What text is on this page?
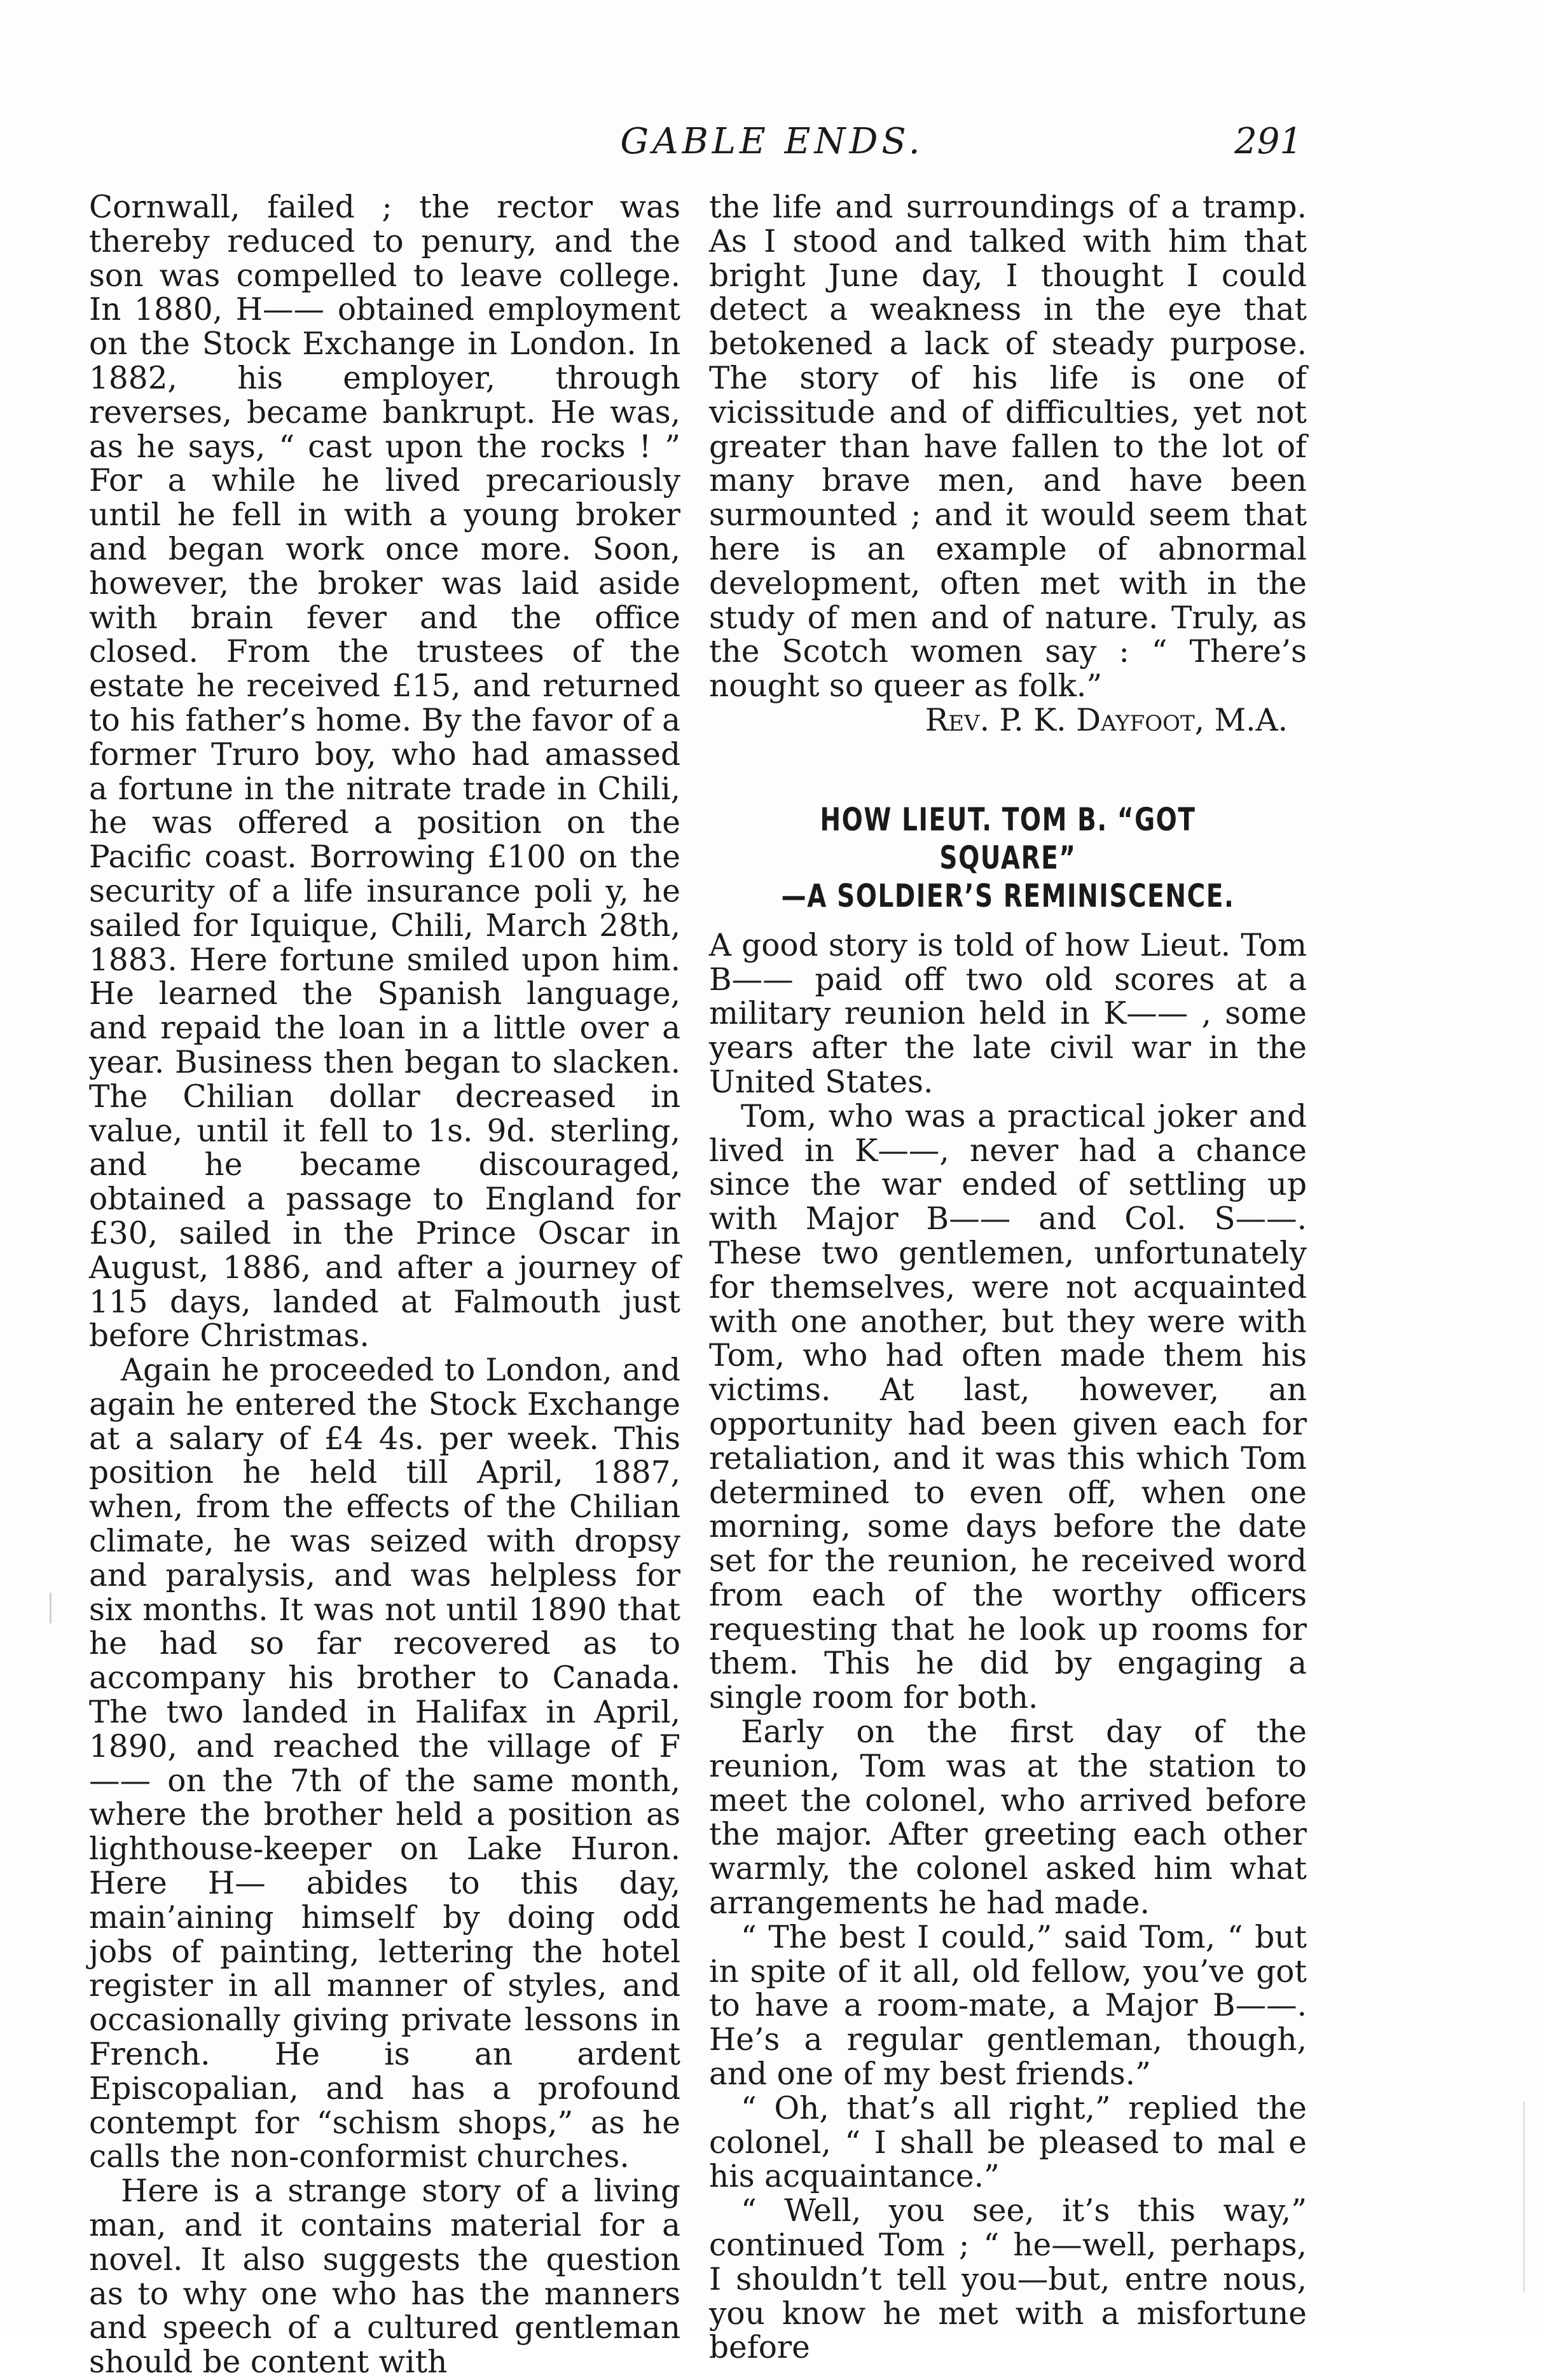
GABLE ENDS.	291

Cornwall, failed ; the rector was thereby reduced to penury, and the son was compelled to leave college. In 1880, H—— obtained employment on the Stock Exchange in London. In 1882, his employer, through reverses, became bankrupt. He was, as he says, “ cast upon the rocks ! ” For a while he lived precariously until he fell in with a young broker and began work once more. Soon, however, the broker was laid aside with brain fever and the office closed. From the trustees of the estate he received £15, and returned to his father’s home. By the favor of a former Truro boy, who had amassed a fortune in the nitrate trade in Chili, he was offered a position on the Pacific coast. Borrowing £100 on the security of a life insurance poli y, he sailed for Iquique, Chili, March 28th, 1883. Here fortune smiled upon him. He learned the Spanish language, and repaid the loan in a little over a year. Business then began to slacken. The Chilian dollar decreased in value, until it fell to 1s. 9d. sterling, and he became discouraged, obtained a passage to England for £30, sailed in the Prince Oscar in August, 1886, and after a journey of 115 days, landed at Falmouth just before Christmas.

Again he proceeded to London, and again he entered the Stock Exchange at a salary of £4 4s. per week. This position he held till April, 1887, when, from the effects of the Chilian climate, he was seized with dropsy and paralysis, and was helpless for six months. It was not until 1890 that he had so far recovered as to accompany his brother to Canada. The two landed in Halifax in April, 1890, and reached the village of F—— on the 7th of the same month, where the brother held a position as lighthouse-keeper on Lake Huron. Here H— abides to this day, main’aining himself by doing odd jobs of painting, lettering the hotel register in all manner of styles, and occasionally giving private lessons in French. He is an ardent Episcopalian, and has a profound contempt for “schism shops,” as he calls the non-conformist churches.

Here is a strange story of a living man, and it contains material for a novel. It also suggests the question as to why one who has the manners and speech of a cultured gentleman should be content with

the life and surroundings of a tramp. As I stood and talked with him that bright June day, I thought I could detect a weakness in the eye that betokened a lack of steady purpose. The story of his life is one of vicissitude and of difficulties, yet not greater than have fallen to the lot of many brave men, and have been surmounted ; and it would seem that here is an example of abnormal development, often met with in the study of men and of nature. Truly, as the Scotch women say : “ There’s nought so queer as folk.”

Rev. P. K. Dayfoot, M.A.

HOW LIEUT. TOM B. “GOT SQUARE”
—A SOLDIER’S REMINISCENCE.

A good story is told of how Lieut. Tom B—— paid off two old scores at a military reunion held in K—— , some years after the late civil war in the United States.

Tom, who was a practical joker and lived in K——, never had a chance since the war ended of settling up with Major B—— and Col. S——. These two gentlemen, unfortunately for themselves, were not acquainted with one another, but they were with Tom, who had often made them his victims. At last, however, an opportunity had been given each for retaliation, and it was this which Tom determined to even off, when one morning, some days before the date set for the reunion, he received word from each of the worthy officers requesting that he look up rooms for them. This he did by engaging a single room for both.

Early on the first day of the reunion, Tom was at the station to meet the colonel, who arrived before the major. After greeting each other warmly, the colonel asked him what arrangements he had made.

“ The best I could,” said Tom, “ but in spite of it all, old fellow, you’ve got to have a room-mate, a Major B——. He’s a regular gentleman, though, and one of my best friends.”

“ Oh, that’s all right,” replied the colonel, “ I shall be pleased to mal e his acquaintance.”

“ Well, you see, it’s this way,” continued Tom ; “ he—well, perhaps, I shouldn’t tell you—but, entre nous, you know he met with a misfortune before
